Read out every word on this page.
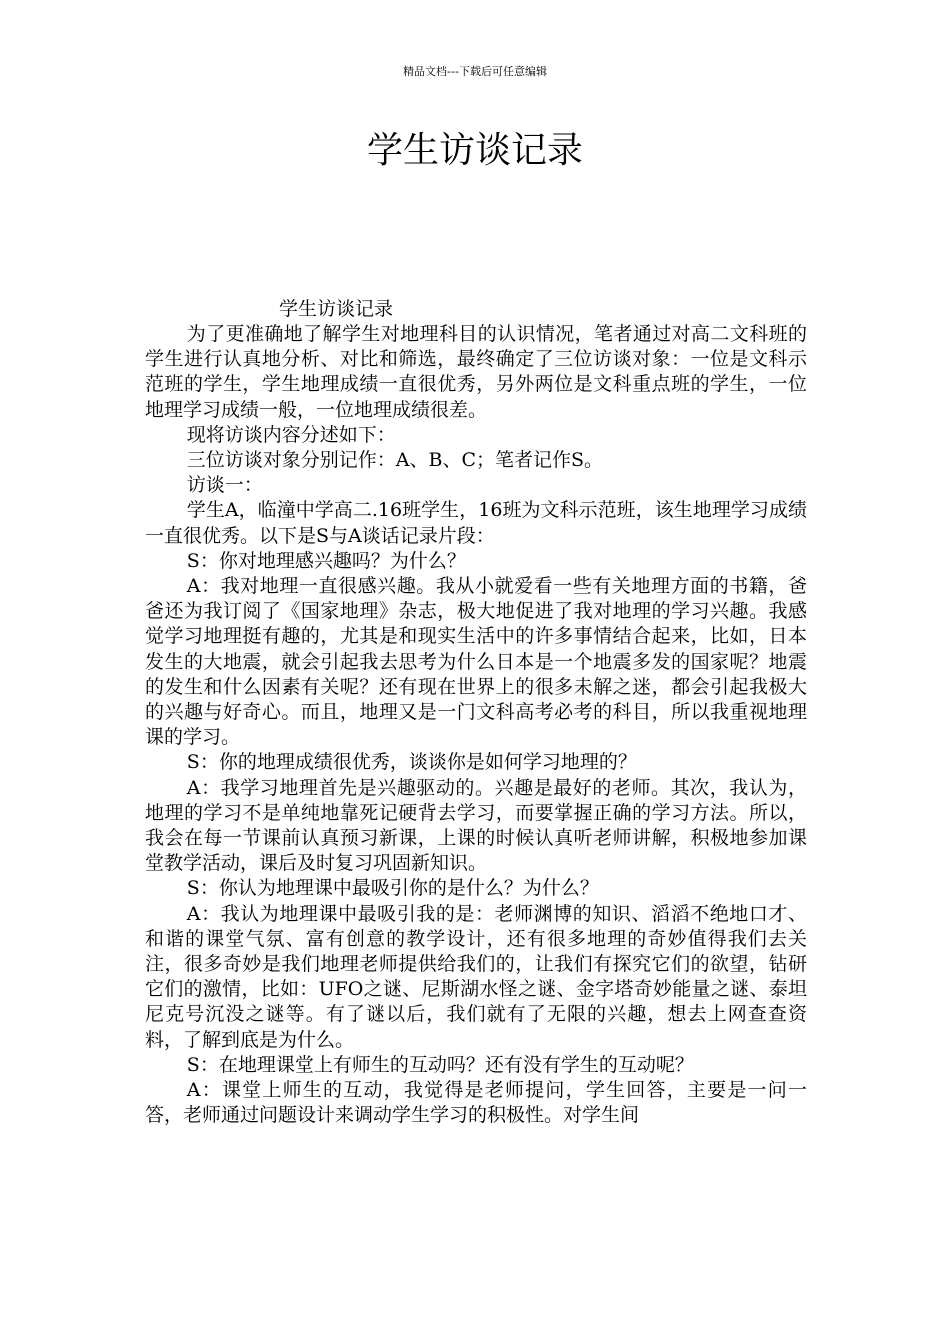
精品文档---下载后可任意编辑
学生访谈记录

学生访谈记录

为了更准确地了解学生对地理科目的认识情况，笔者通过对高二文科班的学生进行认真地分析、对比和筛选，最终确定了三位访谈对象：一位是文科示范班的学生，学生地理成绩一直很优秀，另外两位是文科重点班的学生，一位地理学习成绩一般，一位地理成绩很差。

现将访谈内容分述如下：

三位访谈对象分别记作：A、B、C；笔者记作S。

访谈一：

学生A，临潼中学高二.16班学生，16班为文科示范班，该生地理学习成绩一直很优秀。以下是S与A谈话记录片段：

S：你对地理感兴趣吗？为什么？

A：我对地理一直很感兴趣。我从小就爱看一些有关地理方面的书籍，爸爸还为我订阅了《国家地理》杂志，极大地促进了我对地理的学习兴趣。我感觉学习地理挺有趣的，尤其是和现实生活中的许多事情结合起来，比如，日本发生的大地震，就会引起我去思考为什么日本是一个地震多发的国家呢？地震的发生和什么因素有关呢？还有现在世界上的很多未解之迷，都会引起我极大的兴趣与好奇心。而且，地理又是一门文科高考必考的科目，所以我重视地理课的学习。

S：你的地理成绩很优秀，谈谈你是如何学习地理的？

A：我学习地理首先是兴趣驱动的。兴趣是最好的老师。其次，我认为，地理的学习不是单纯地靠死记硬背去学习，而要掌握正确的学习方法。所以，我会在每一节课前认真预习新课，上课的时候认真听老师讲解，积极地参加课堂教学活动，课后及时复习巩固新知识。

S：你认为地理课中最吸引你的是什么？为什么？

A：我认为地理课中最吸引我的是：老师渊博的知识、滔滔不绝地口才、和谐的课堂气氛、富有创意的教学设计，还有很多地理的奇妙值得我们去关注，很多奇妙是我们地理老师提供给我们的，让我们有探究它们的欲望，钻研它们的激情，比如：UFO之谜、尼斯湖水怪之谜、金字塔奇妙能量之谜、泰坦尼克号沉没之谜等。有了谜以后，我们就有了无限的兴趣，想去上网查查资料，了解到底是为什么。

S：在地理课堂上有师生的互动吗？还有没有学生的互动呢？

A：课堂上师生的互动，我觉得是老师提问，学生回答，主要是一问一答，老师通过问题设计来调动学生学习的积极性。对学生间
